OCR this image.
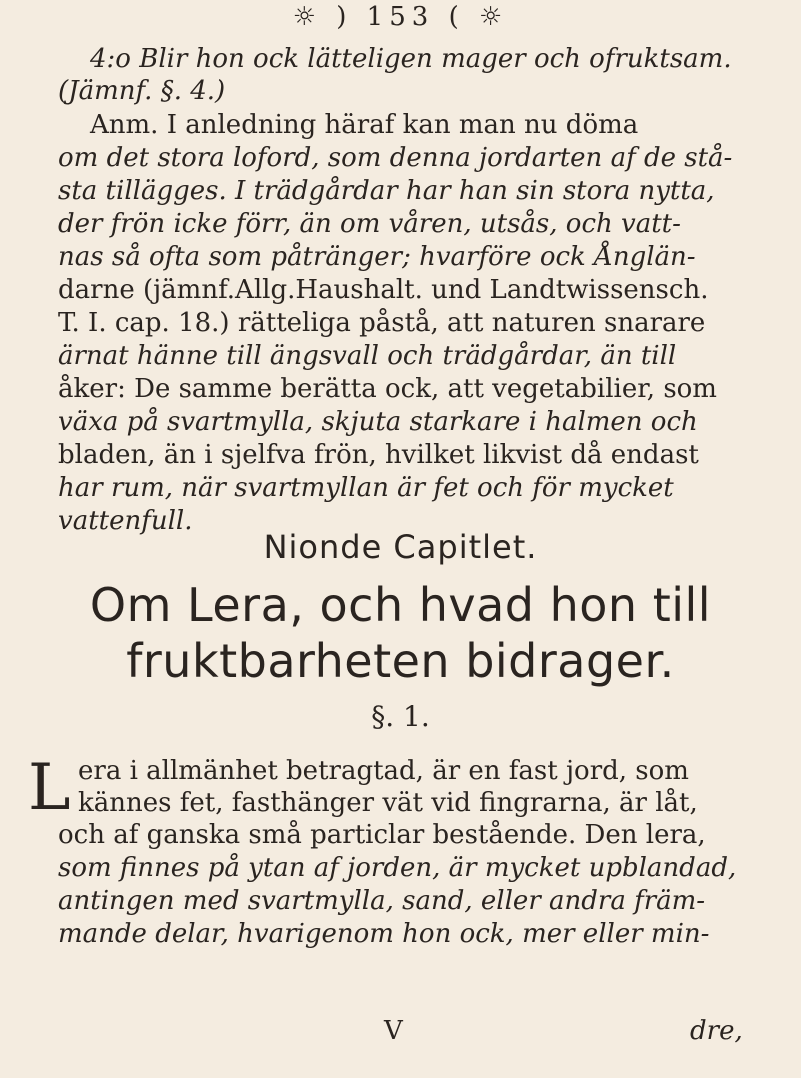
☼ ) 153 ( ☼
4:o Blir hon ock lätteligen mager och ofruktsam.
(Jämnf. §. 4.)
Anm. I anledning häraf kan man nu döma
om det stora loford, som denna jordarten af de stå-
sta tillägges. I trädgårdar har han sin stora nytta,
der frön icke förr, än om våren, utsås, och vatt-
nas så ofta som påtränger; hvarföre ock Ånglän-
darne (jämnf.Allg.Haushalt. und Landtwissensch.
T. I. cap. 18.) rätteliga påstå, att naturen snarare
ärnat hänne till ängsvall och trädgårdar, än till
åker: De samme berätta ock, att vegetabilier, som
växa på svartmylla, skjuta starkare i halmen och
bladen, än i sjelfva frön, hvilket likvist då endast
har rum, när svartmyllan är fet och för mycket
vattenfull.
Nionde Capitlet.
Om Lera, och hvad hon till
fruktbarheten bidrager.
§. 1.
L era i allmänhet betragtad, är en fast jord, som
kännes fet, fasthänger vät vid fingrarna, är låt,
och af ganska små particlar bestående. Den lera,
som finnes på ytan af jorden, är mycket upblandad,
antingen med svartmylla, sand, eller andra främ-
mande delar, hvarigenom hon ock, mer eller min-
V	dre,
